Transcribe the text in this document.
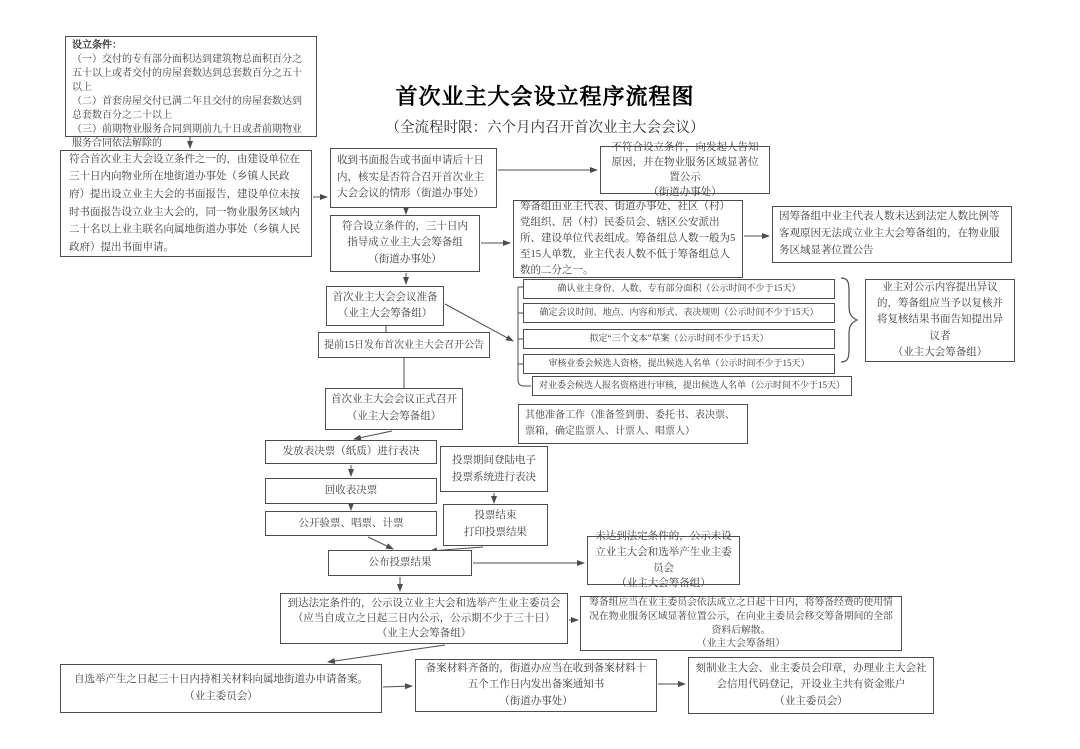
首次业主大会设立程序流程图
（全流程时限：六个月内召开首次业主大会会议）
设立条件：
（一）交付的专有部分面积达到建筑物总面积百分之五十以上或者交付的房屋套数达到总套数百分之五十以上
（二）首套房屋交付已满二年且交付的房屋套数达到总套数百分之二十以上
（三）前期物业服务合同到期前九十日或者前期物业服务合同依法解除的
符合首次业主大会设立条件之一的，由建设单位在三十日内向物业所在地街道办事处（乡镇人民政府）提出设立业主大会的书面报告，建设单位未按时书面报告设立业主大会的，同一物业服务区域内二十名以上业主联名向属地街道办事处（乡镇人民政府）提出书面申请。
收到书面报告或书面申请后十日内，核实是否符合召开首次业主大会会议的情形（街道办事处）
不符合设立条件，向发起人告知原因，并在物业服务区域显著位置公示
（街道办事处）
符合设立条件的，三十日内指导成立业主大会筹备组
（街道办事处）
筹备组由业主代表、街道办事处、社区（村）党组织、居（村）民委员会、辖区公安派出所、建设单位代表组成。筹备组总人数一般为5至15人单数，业主代表人数不低于筹备组总人数的二分之一。
因筹备组中业主代表人数未达到法定人数比例等客观原因无法成立业主大会筹备组的，在物业服务区域显著位置公告
首次业主大会会议准备
（业主大会筹备组）
确认业主身份、人数、专有部分面积（公示时间不少于15天）
确定会议时间、地点、内容和形式、表决规则（公示时间不少于15天）
拟定“三个文本”草案（公示时间不少于15天）
审核业委会候选人资格，提出候选人名单（公示时间不少于15天）
对业委会候选人报名资格进行审核，提出候选人名单（公示时间不少于15天）
业主对公示内容提出异议的，筹备组应当予以复核并将复核结果书面告知提出异议者
（业主大会筹备组）
提前15日发布首次业主大会召开公告
首次业主大会会议正式召开
（业主大会筹备组）	其他准备工作（准备签到册、委托书、表决票、票箱，确定监票人、计票人、唱票人）
发放表决票（纸质）进行表决
投票期间登陆电子
投票系统进行表决
回收表决票
投票结束
打印投票结果
公开验票、唱票、计票
公布投票结果
未达到法定条件的，公示未设立业主大会和选举产生业主委员会
（业主大会筹备组）
到达法定条件的，公示设立业主大会和选举产生业主委员会
（应当自成立之日起三日内公示，公示期不少于三十日）
（业主大会筹备组）
筹备组应当在业主委员会依法成立之日起十日内，将筹备经费的使用情况在物业服务区域显著位置公示，在向业主委员会移交筹备期间的全部资料后解散。
（业主大会筹备组）
自选举产生之日起三十日内持相关材料向属地街道办申请备案。
（业主委员会）
备案材料齐备的，街道办应当在收到备案材料十五个工作日内发出备案通知书
（街道办事处）
刻制业主大会、业主委员会印章，办理业主大会社会信用代码登记，开设业主共有资金账户
（业主委员会）
